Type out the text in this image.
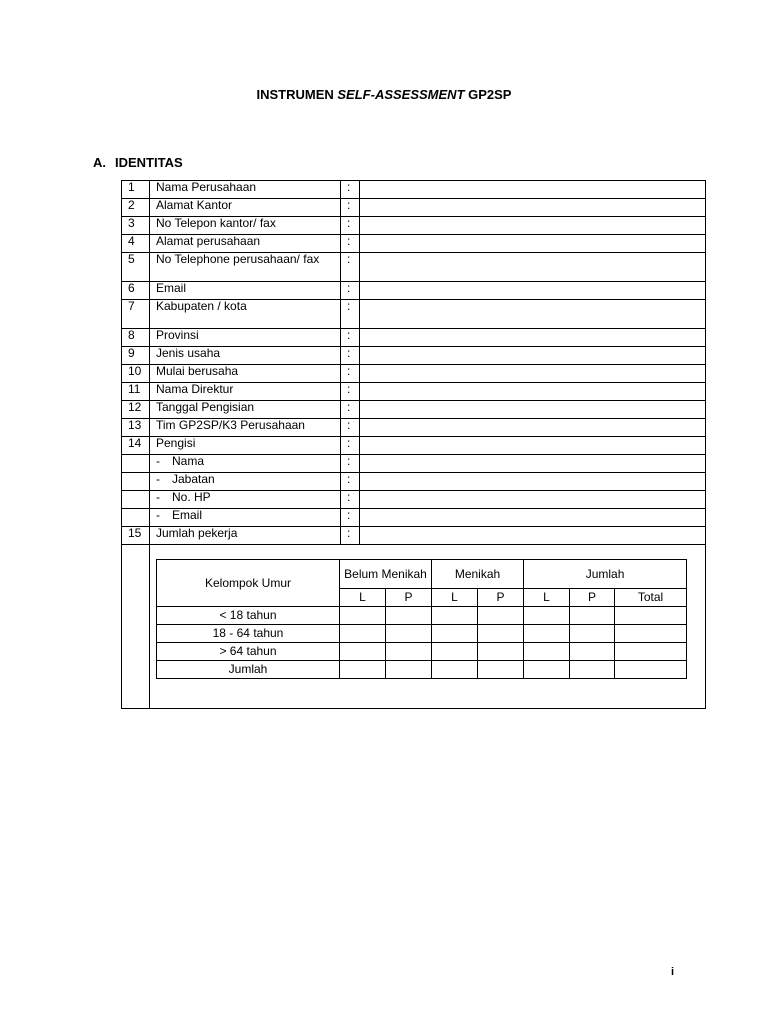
INSTRUMEN SELF-ASSESSMENT GP2SP
A. IDENTITAS
1	Nama Perusahaan	:	
2	Alamat Kantor	:	
3	No Telepon kantor/ fax	:	
4	Alamat perusahaan	:	
5	No Telephone perusahaan/ fax	:	
6	Email	:	
7	Kabupaten / kota	:	
8	Provinsi	:	
9	Jenis usaha	:	
10	Mulai berusaha	:	
11	Nama Direktur	:	
12	Tanggal Pengisian	:	
13	Tim GP2SP/K3 Perusahaan	:	
14	Pengisi	:	
	- Nama	:	
	- Jabatan	:	
	- No. HP	:	
	- Email	:	
15	Jumlah pekerja	:	

Kelompok Umur	Belum Menikah	Menikah	Jumlah
L	P	L	P	L	P	Total
< 18 tahun							
18 - 64 tahun							
> 64 tahun							
Jumlah							
i
